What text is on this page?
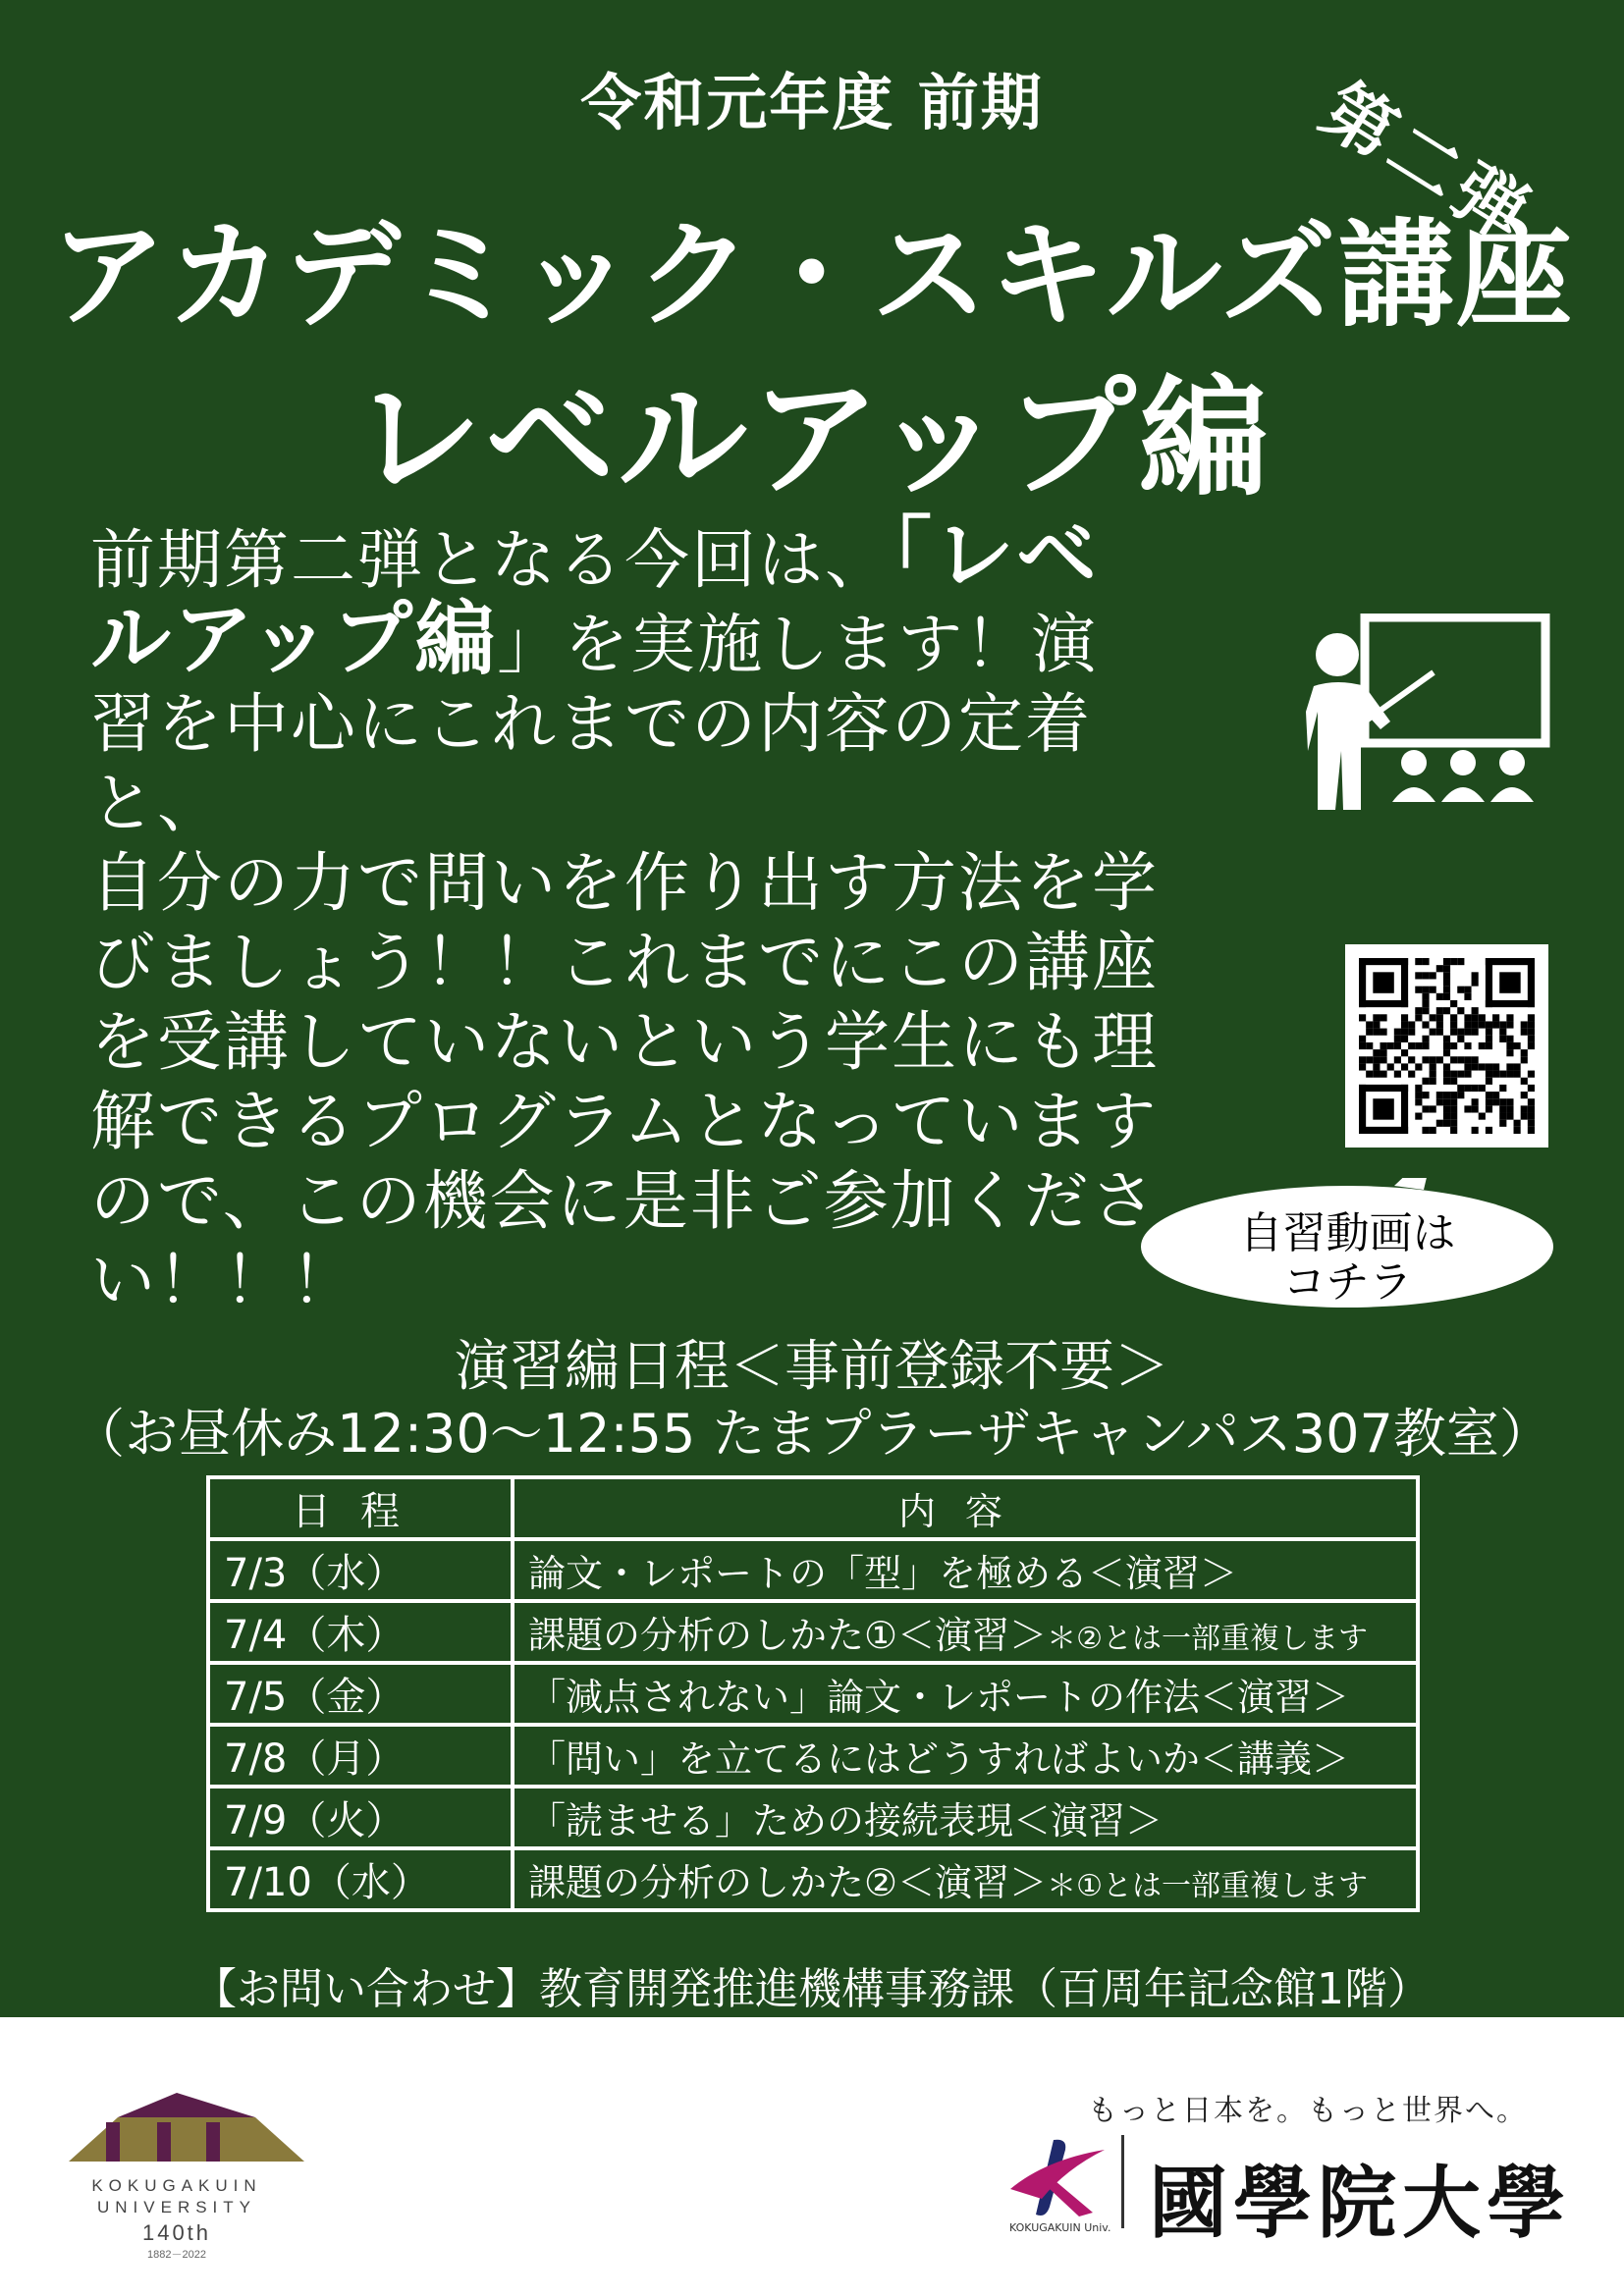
令和元年度 前期
アカデミック・スキルズ講座
レベルアップ編
第二弾
前期第二弾となる今回は、「レベ
ルアップ編」を実施します！演
習を中心にこれまでの内容の定着と、
自分の力で問いを作り出す方法を学
びましょう！！これまでにこの講座
を受講していないという学生にも理
解できるプログラムとなっています
ので、この機会に是非ご参加くださ
い！！！
自習動画は
コチラ
演習編日程＜事前登録不要＞
（お昼休み12:30～12:55 たまプラーザキャンパス307教室）
日程	内容
7/3（水）	論文・レポートの「型」を極める＜演習＞
7/4（木）	課題の分析のしかた①＜演習＞＊②とは一部重複します
7/5（金）	「減点されない」論文・レポートの作法＜演習＞
7/8（月）	「問い」を立てるにはどうすればよいか＜講義＞
7/9（火）	「読ませる」ための接続表現＜演習＞
7/10（水）	課題の分析のしかた②＜演習＞＊①とは一部重複します
【お問い合わせ】教育開発推進機構事務課（百周年記念館1階）
KOKUGAKUIN
UNIVERSITY
140th
1882－2022
もっと日本を。もっと世界へ。
KOKUGAKUIN Univ. 國學院大學
